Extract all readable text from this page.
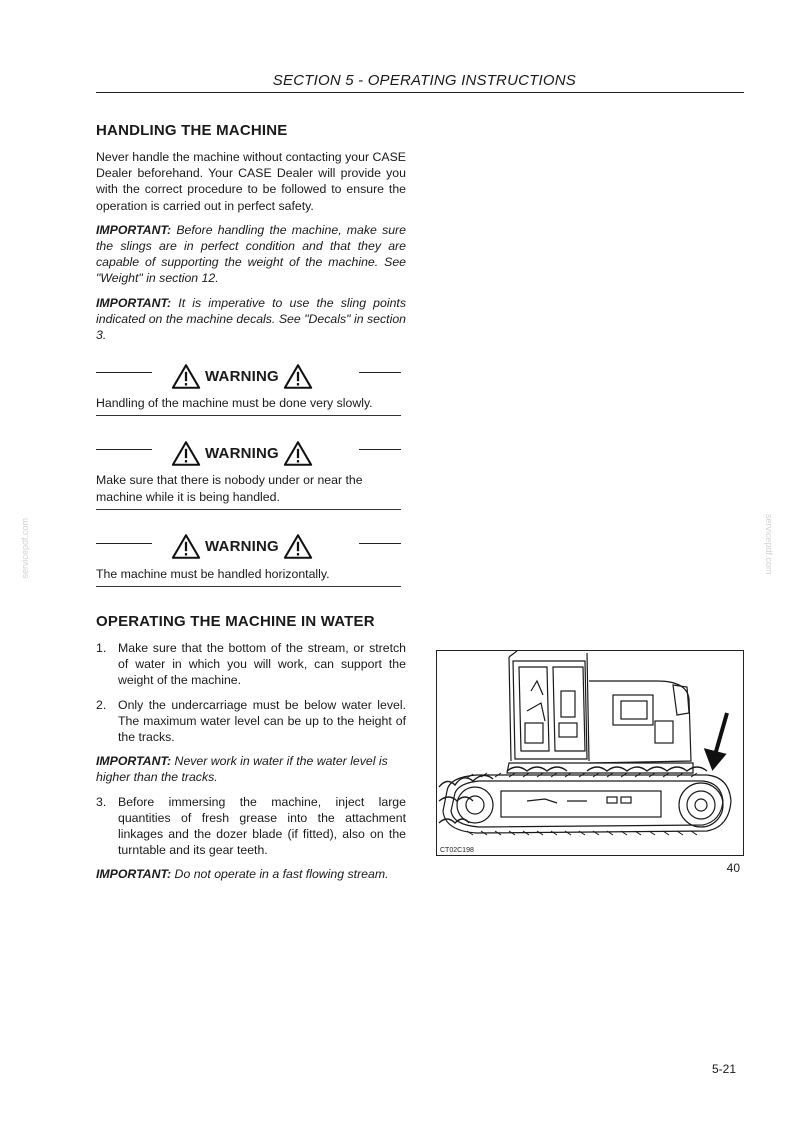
SECTION 5 - OPERATING INSTRUCTIONS
servicepdf.com	servicepdf.com
HANDLING THE MACHINE

Never handle the machine without contacting your CASE Dealer beforehand. Your CASE Dealer will provide you with the correct procedure to be followed to ensure the operation is carried out in perfect safety.

IMPORTANT: Before handling the machine, make sure the slings are in perfect condition and that they are capable of supporting the weight of the machine. See "Weight" in section 12.

IMPORTANT: It is imperative to use the sling points indicated on the machine decals. See "Decals" in section 3.

WARNING

Handling of the machine must be done very slowly.

WARNING

Make sure that there is nobody under or near the machine while it is being handled.

WARNING

The machine must be handled horizontally.

OPERATING THE MACHINE IN WATER
1. Make sure that the bottom of the stream, or stretch of water in which you will work, can support the weight of the machine.
2. Only the undercarriage must be below water level. The maximum water level can be up to the height of the tracks.

IMPORTANT: Never work in water if the water level is higher than the tracks.

3. Before immersing the machine, inject large quantities of fresh grease into the attachment linkages and the dozer blade (if fitted), also on the turntable and its gear teeth.

IMPORTANT: Do not operate in a fast flowing stream.

CT02C198
40
5-21
